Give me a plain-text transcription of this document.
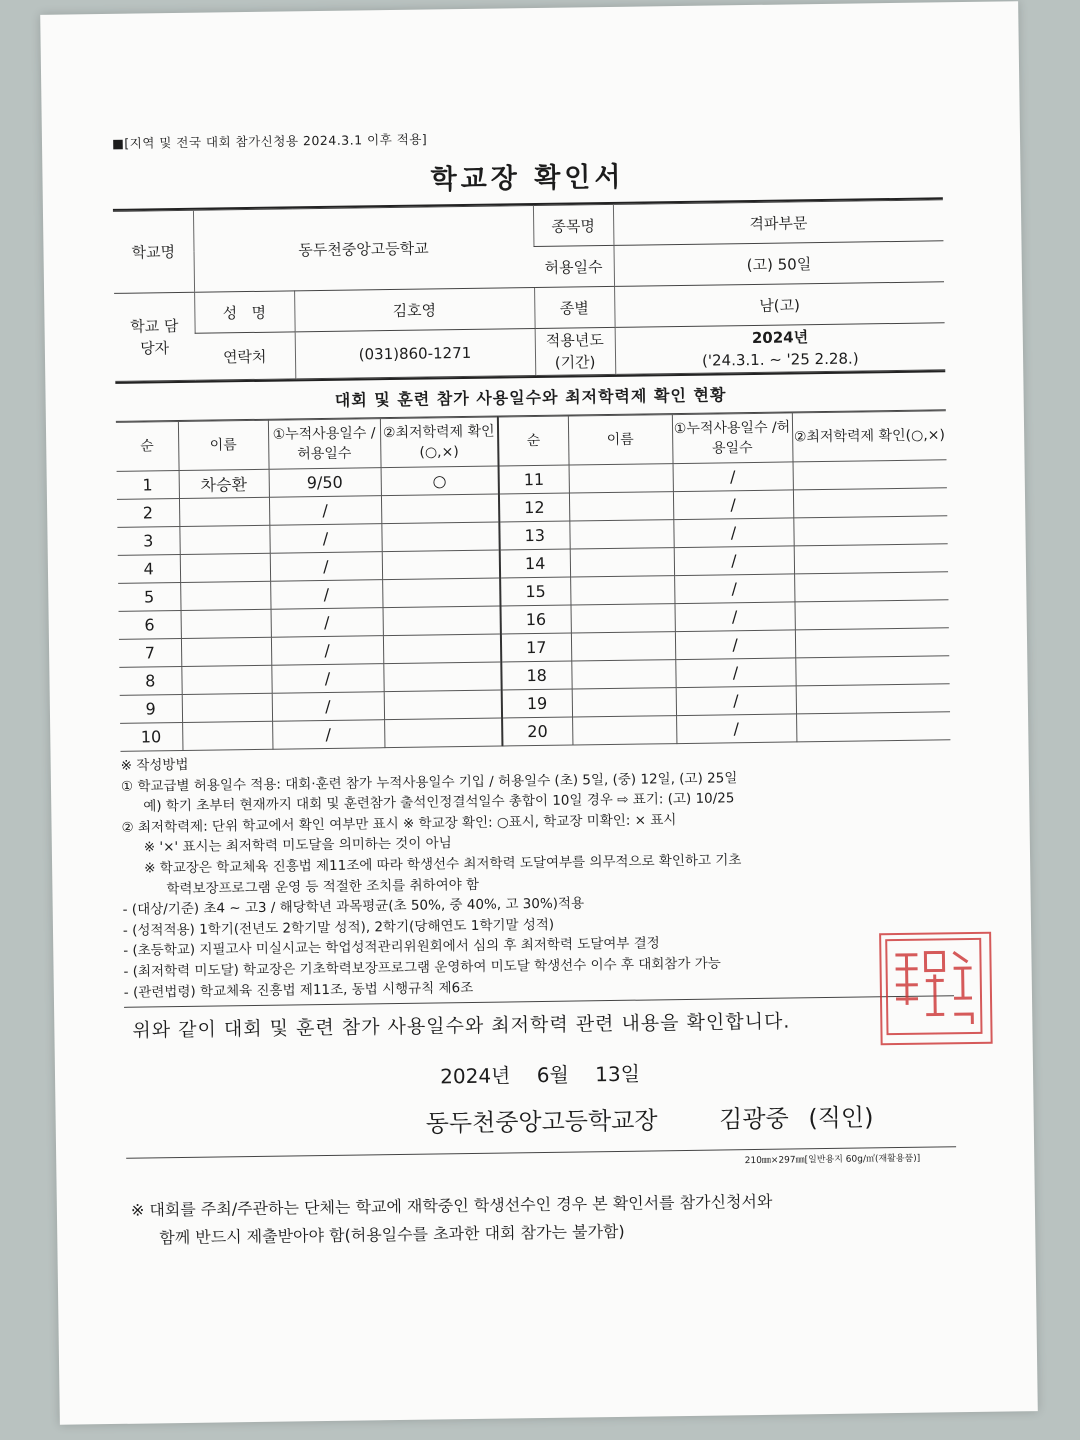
■[지역 및 전국 대회 참가신청용 2024.3.1 이후 적용]
학교장 확인서
학교명	동두천중앙고등학교		종목명	격파부문
			허용일수	(고) 50일
학교 담당자	성   명	김호영	종별	남(고)
	연락처	(031)860-1271	적용년도 (기간)	2024년
('24.3.1. ~ '25 2.28.)
대회 및 훈련 참가 사용일수와 최저학력제 확인 현황
순	이름	①누적사용일수 /허용일수	②최저학력제 확인(○,×)	순	이름	①누적사용일수 /허용일수	②최저학력제 확인(○,×)
1	차승환	9/50	○	11		/	
2		/		12		/	
3		/		13		/	
4		/		14		/	
5		/		15		/	
6		/		16		/	
7		/		17		/	
8		/		18		/	
9		/		19		/	
10		/		20		/	
※ 작성방법
① 학교급별 허용일수 적용: 대회·훈련 참가 누적사용일수 기입 / 허용일수 (초) 5일, (중) 12일, (고) 25일
예) 학기 초부터 현재까지 대회 및 훈련참가 출석인정결석일수 총합이 10일 경우 ⇨ 표기: (고) 10/25
② 최저학력제: 단위 학교에서 확인 여부만 표시 ※ 학교장 확인: ○표시, 학교장 미확인: × 표시
※ '×' 표시는 최저학력 미도달을 의미하는 것이 아님
※ 학교장은 학교체육 진흥법 제11조에 따라 학생선수 최저학력 도달여부를 의무적으로 확인하고 기초
학력보장프로그램 운영 등 적절한 조치를 취하여야 함
- (대상/기준) 초4 ~ 고3 / 해당학년 과목평균(초 50%, 중 40%, 고 30%)적용
- (성적적용) 1학기(전년도 2학기말 성적), 2학기(당해연도 1학기말 성적)
- (초등학교) 지필고사 미실시교는 학업성적관리위원회에서 심의 후 최저학력 도달여부 결정
- (최저학력 미도달) 학교장은 기초학력보장프로그램 운영하여 미도달 학생선수 이수 후 대회참가 가능
- (관련법령) 학교체육 진흥법 제11조, 동법 시행규칙 제6조
위와 같이 대회 및 훈련 참가 사용일수와 최저학력 관련 내용을 확인합니다.
2024년 6월 13일
동두천중앙고등학교장	김광중 (직인)
210㎜×297㎜[일반용지 60g/㎡(재활용품)]
※ 대회를 주최/주관하는 단체는 학교에 재학중인 학생선수인 경우 본 확인서를 참가신청서와
함께 반드시 제출받아야 함(허용일수를 초과한 대회 참가는 불가함)
